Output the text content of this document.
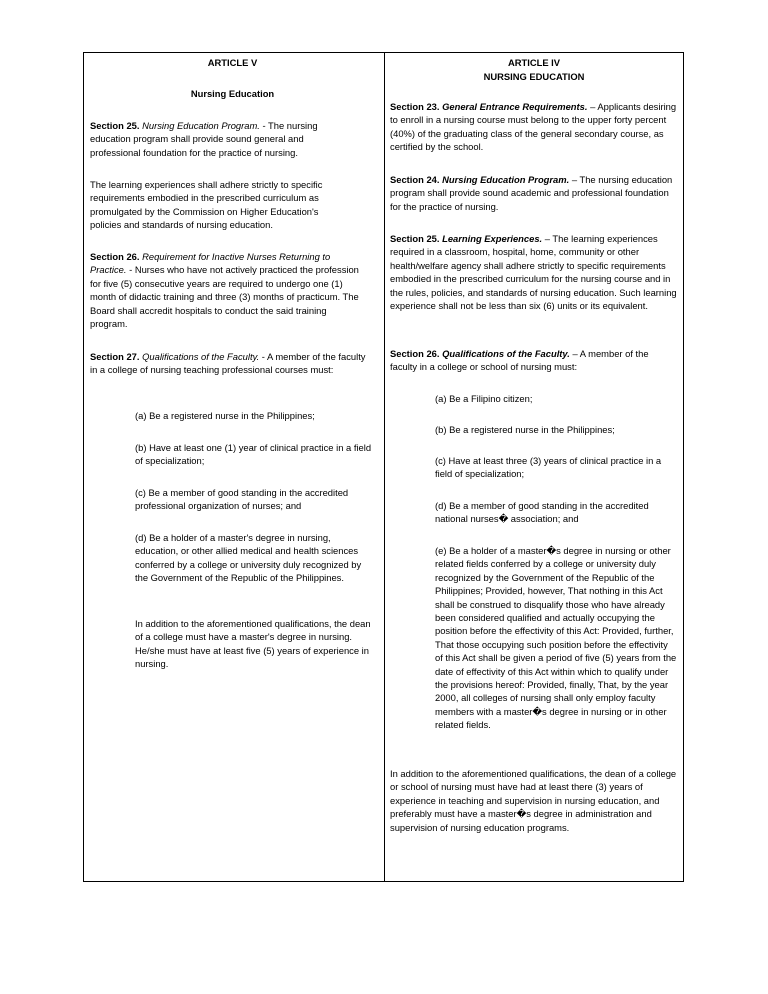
ARTICLE V

Nursing Education

Section 25. Nursing Education Program. - The nursing education program shall provide sound general and professional foundation for the practice of nursing.

The learning experiences shall adhere strictly to specific requirements embodied in the prescribed curriculum as promulgated by the Commission on Higher Education's policies and standards of nursing education.

Section 26. Requirement for Inactive Nurses Returning to Practice. - Nurses who have not actively practiced the profession for five (5) consecutive years are required to undergo one (1) month of didactic training and three (3) months of practicum. The Board shall accredit hospitals to conduct the said training program.

Section 27. Qualifications of the Faculty. - A member of the faculty in a college of nursing teaching professional courses must:

(a) Be a registered nurse in the Philippines;

(b) Have at least one (1) year of clinical practice in a field of specialization;

(c) Be a member of good standing in the accredited professional organization of nurses; and

(d) Be a holder of a master's degree in nursing, education, or other allied medical and health sciences conferred by a college or university duly recognized by the Government of the Republic of the Philippines.

In addition to the aforementioned qualifications, the dean of a college must have a master's degree in nursing. He/she must have at least five (5) years of experience in nursing.

ARTICLE IV

NURSING EDUCATION

Section 23. General Entrance Requirements. – Applicants desiring to enroll in a nursing course must belong to the upper forty percent (40%) of the graduating class of the general secondary course, as certified by the school.

Section 24. Nursing Education Program. – The nursing education program shall provide sound academic and professional foundation for the practice of nursing.

Section 25. Learning Experiences. – The learning experiences required in a classroom, hospital, home, community or other health/welfare agency shall adhere strictly to specific requirements embodied in the prescribed curriculum for the nursing course and in the rules, policies, and standards of nursing education. Such learning experience shall not be less than six (6) units or its equivalent.

Section 26. Qualifications of the Faculty. – A member of the faculty in a college or school of nursing must:

(a) Be a Filipino citizen;

(b) Be a registered nurse in the Philippines;

(c) Have at least three (3) years of clinical practice in a field of specialization;

(d) Be a member of good standing in the accredited national nurses� association; and

(e) Be a holder of a master�s degree in nursing or other related fields conferred by a college or university duly recognized by the Government of the Republic of the Philippines; Provided, however, That nothing in this Act shall be construed to disqualify those who have already been considered qualified and actually occupying the position before the effectivity of this Act: Provided, further, That those occupying such position before the effectivity of this Act shall be given a period of five (5) years from the date of effectivity of this Act within which to qualify under the provisions hereof: Provided, finally, That, by the year 2000, all colleges of nursing shall only employ faculty members with a master�s degree in nursing or in other related fields.

In addition to the aforementioned qualifications, the dean of a college or school of nursing must have had at least there (3) years of experience in teaching and supervision in nursing education, and preferably must have a master�s degree in administration and supervision of nursing education programs.
